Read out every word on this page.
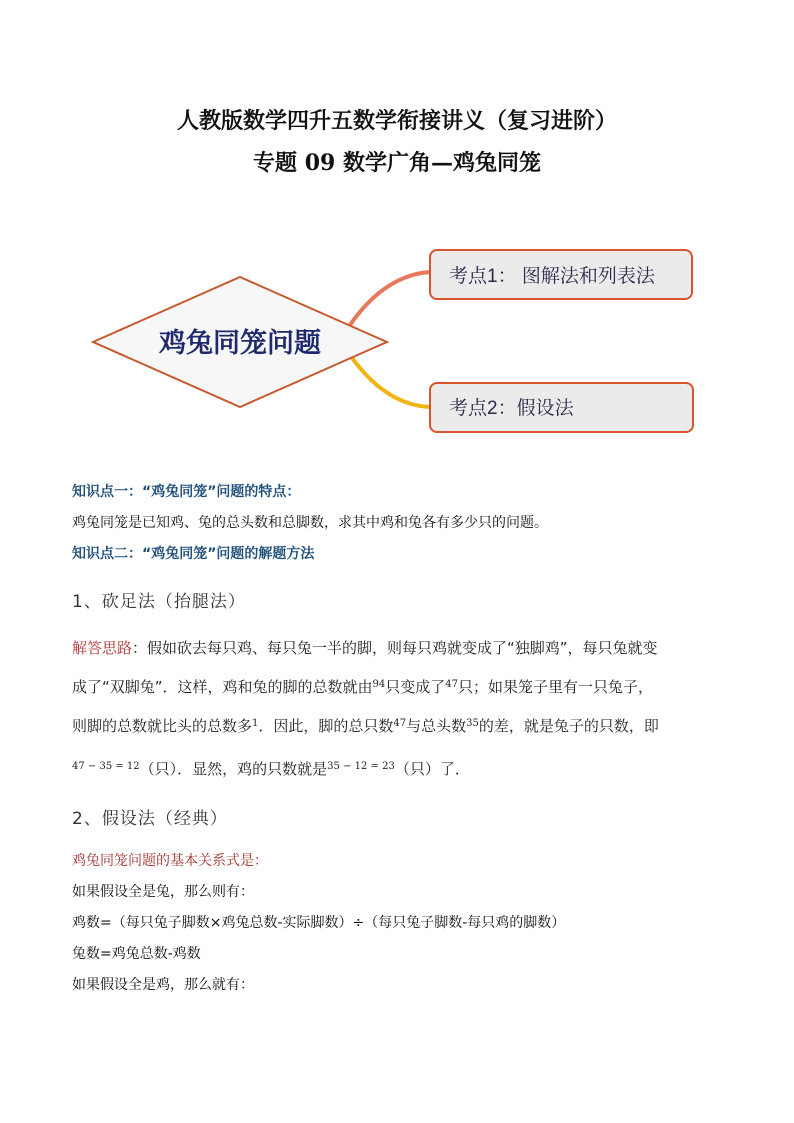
人教版数学四升五数学衔接讲义（复习进阶）
专题 09 数学广角—鸡兔同笼
鸡兔同笼问题
考点1： 图解法和列表法
考点2：假设法
知识点一：“鸡兔同笼”问题的特点：
鸡兔同笼是已知鸡、兔的总头数和总脚数，求其中鸡和兔各有多少只的问题。
知识点二：“鸡兔同笼”问题的解题方法
1、砍足法（抬腿法）
解答思路：假如砍去每只鸡、每只兔一半的脚，则每只鸡就变成了“独脚鸡”，每只兔就变
成了“双脚兔”．这样，鸡和兔的脚的总数就由$^{94}$只变成了$^{47}$只；如果笼子里有一只兔子，
则脚的总数就比头的总数多$^1$．因此，脚的总只数$^{47}$与总头数$^{35}$的差，就是兔子的只数，即
$^{47 - 35 = 12}$（只）．显然，鸡的只数就是$^{35 - 12 = 23}$（只）了．
2、假设法（经典）
鸡兔同笼问题的基本关系式是：
如果假设全是兔，那么则有：
鸡数=（每只兔子脚数×鸡兔总数-实际脚数）÷（每只兔子脚数-每只鸡的脚数）
兔数=鸡兔总数-鸡数
如果假设全是鸡，那么就有：
